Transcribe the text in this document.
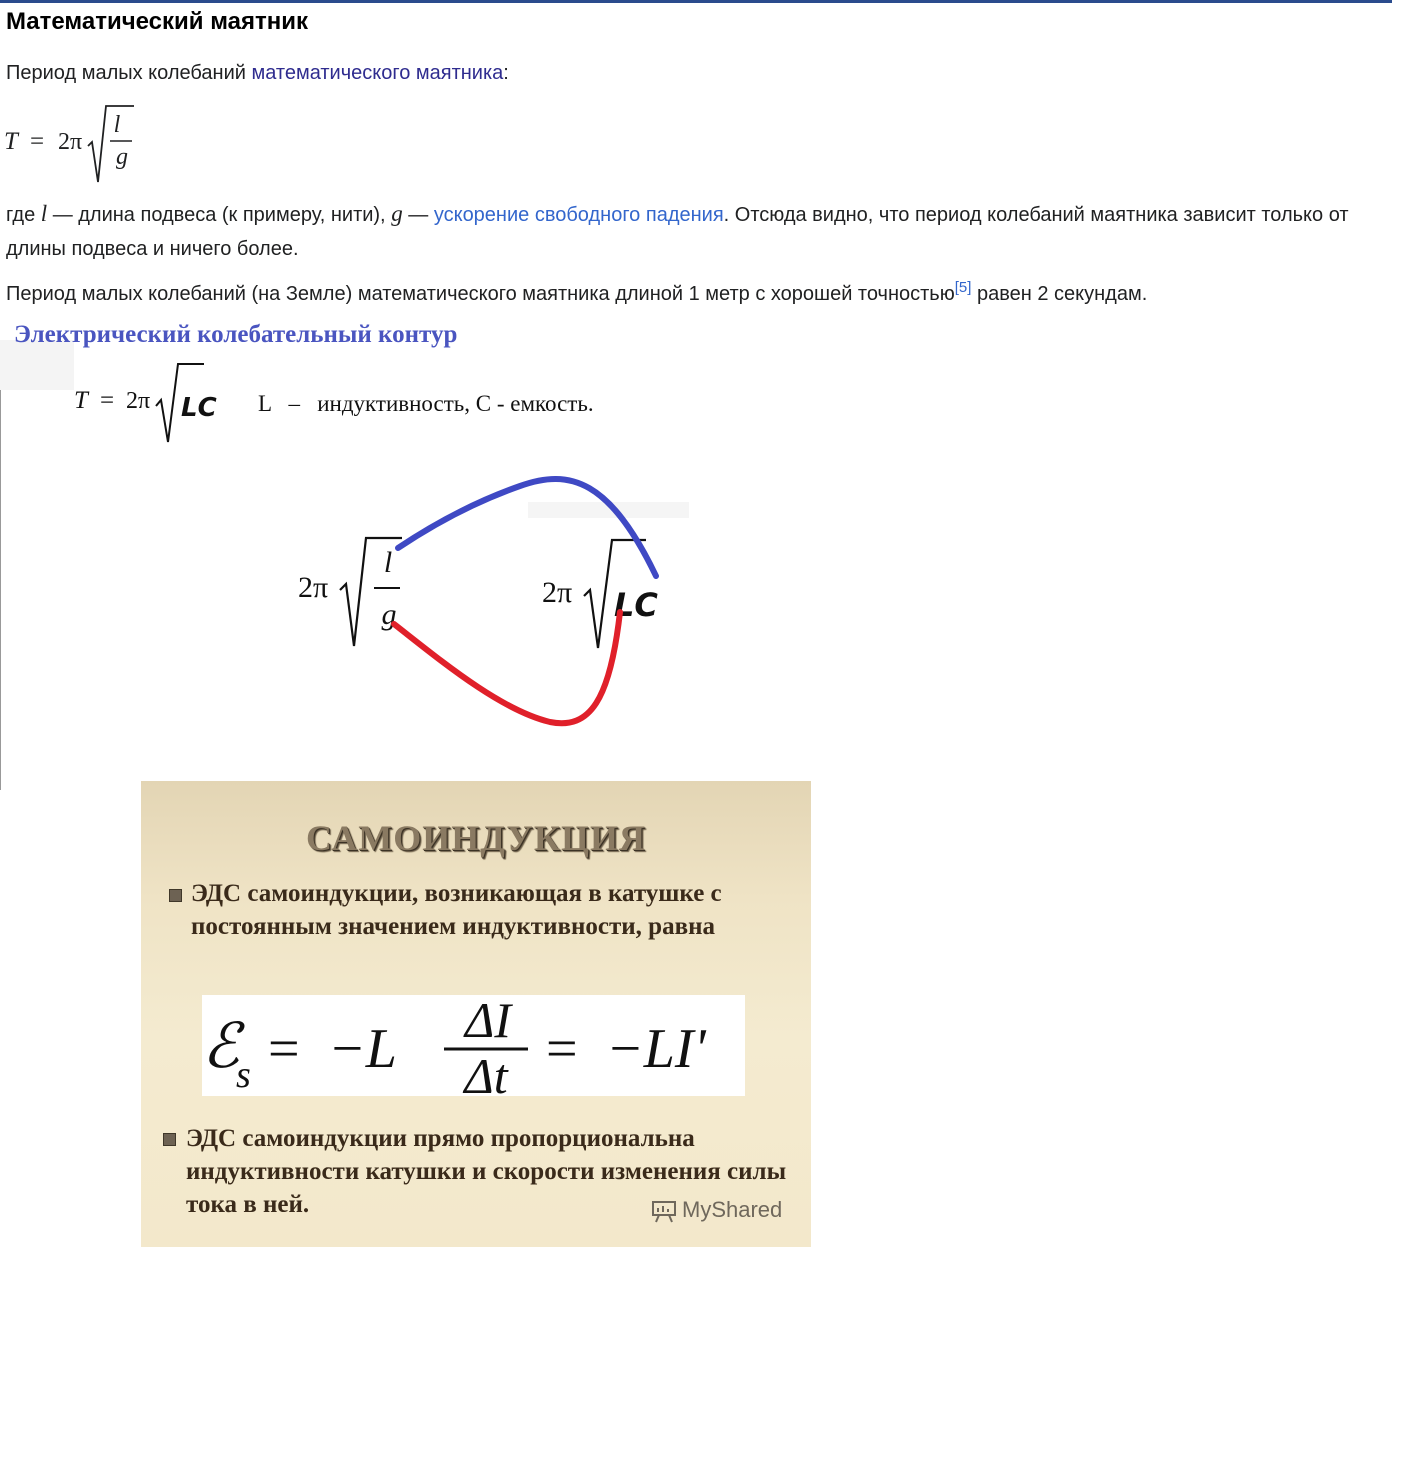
Математический маятник

Период малых колебаний математического маятника:

T = 2π
l
g

где l — длина подвеса (к примеру, нити), g — ускорение свободного падения. Отсюда видно, что период колебаний маятника зависит только от длины подвеса и ничего более.

Период малых колебаний (на Земле) математического маятника длиной 1 метр с хорошей точностью[5] равен 2 секундам.

Электрический колебательный контур
T = 2π LC L   –   индуктивность, С - емкость.
2π
l
g
2π LC
САМОИНДУКЦИЯ

ЭДС самоиндукции, возникающая в катушке с постоянным значением индуктивности, равна

ℰ
s = −L ΔI
Δt = −LI'

ЭДС самоиндукции прямо пропорциональна индуктивности катушки и скорости изменения силы тока в ней.	MyShared
